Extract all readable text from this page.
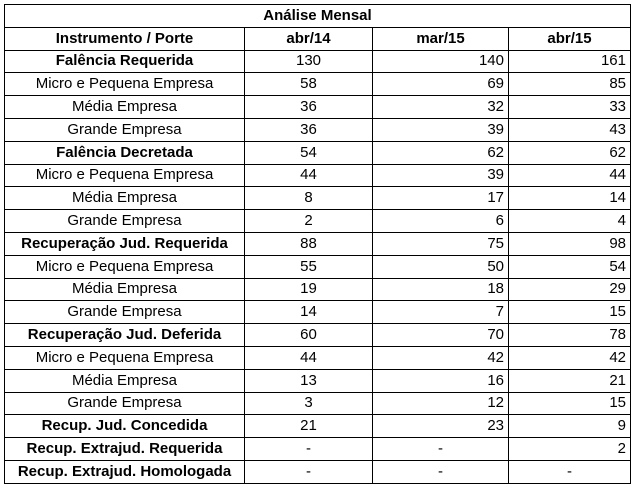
Análise Mensal			
Instrumento / Porte	abr/14	mar/15	abr/15
Falência Requerida	130	140	161
Micro e Pequena Empresa	58	69	85
Média Empresa	36	32	33
Grande Empresa	36	39	43
Falência Decretada	54	62	62
Micro e Pequena Empresa	44	39	44
Média Empresa	8	17	14
Grande Empresa	2	6	4
Recuperação Jud. Requerida	88	75	98
Micro e Pequena Empresa	55	50	54
Média Empresa	19	18	29
Grande Empresa	14	7	15
Recuperação Jud. Deferida	60	70	78
Micro e Pequena Empresa	44	42	42
Média Empresa	13	16	21
Grande Empresa	3	12	15
Recup. Jud. Concedida	21	23	9
Recup. Extrajud. Requerida	-	-	2
Recup. Extrajud. Homologada	-	-	-
